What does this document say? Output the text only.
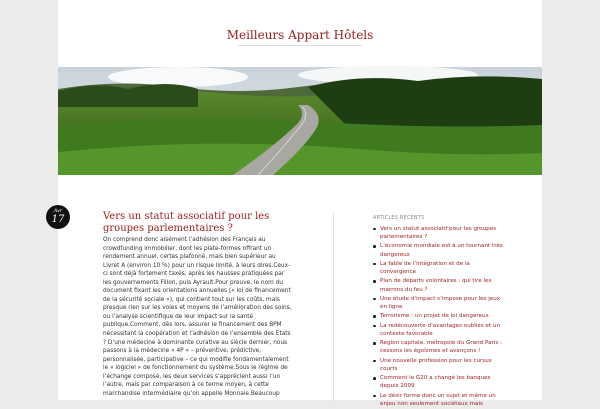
Meilleurs Appart Hôtels
Avr
17	Vers un statut associatif pour les groupes parlementaires ?

On comprend donc aisément l’adhésion des Français au crowdfunding immobilier, dont les plate-formes offrant un rendement annuel, certes plafonné, mais bien supérieur au Livret A (environ 10 %) pour un risque limité, à leurs dires.Ceux-ci sont déjà fortement taxés, après les hausses pratiquées par les gouvernements Fillon, puis Ayrault.Pour preuve, le nom du document fixant les orientations annuelles (« loi de financement de la sécurité sociale »), qui contient tout sur les coûts, mais presque rien sur les voies et moyens de l’amélioration des soins, ou l’analyse scientifique de leur impact sur la santé publique.Comment, dès lors, assurer le financement des BPM nécessitant la coopération et l’adhésion de l’ensemble des Etats ? D’une médecine à dominante curative au siècle dernier, nous passons à la médecine « 4P » – préventive, prédictive, personnalisée, participative – ce qui modifie fondamentalement le « logiciel » de fonctionnement du système.Sous le régime de l’échange composé, les deux services s’apprécient aussi l’un l’autre, mais par comparaison à ce terme moyen, à cette marchandise intermédiaire qu’on appelle Monnaie.Beaucoup

ARTICLES RÉCENTS
Vers un statut associatif pour les groupes parlementaires ?
L’économie mondiale est à un tournant très dangereux
La fable de l’intégration et de la convergence
Plan de départs volontaires : qui tire les marrons du feu ?
Une étude d’impact s’impose pour les jeux en ligne
Terrorisme : un projet de loi dangereux
La redécouverte d’avantages oubliés et un contexte favorable
Région capitale, métropole du Grand Paris : cessons les égoïsmes et avançons !
Une nouvelle profession pour les cursus courts
Comment le G20 a changé les banques depuis 2009
Le désir forme donc un sujet et même un enjeu non seulement sociétaux mais
